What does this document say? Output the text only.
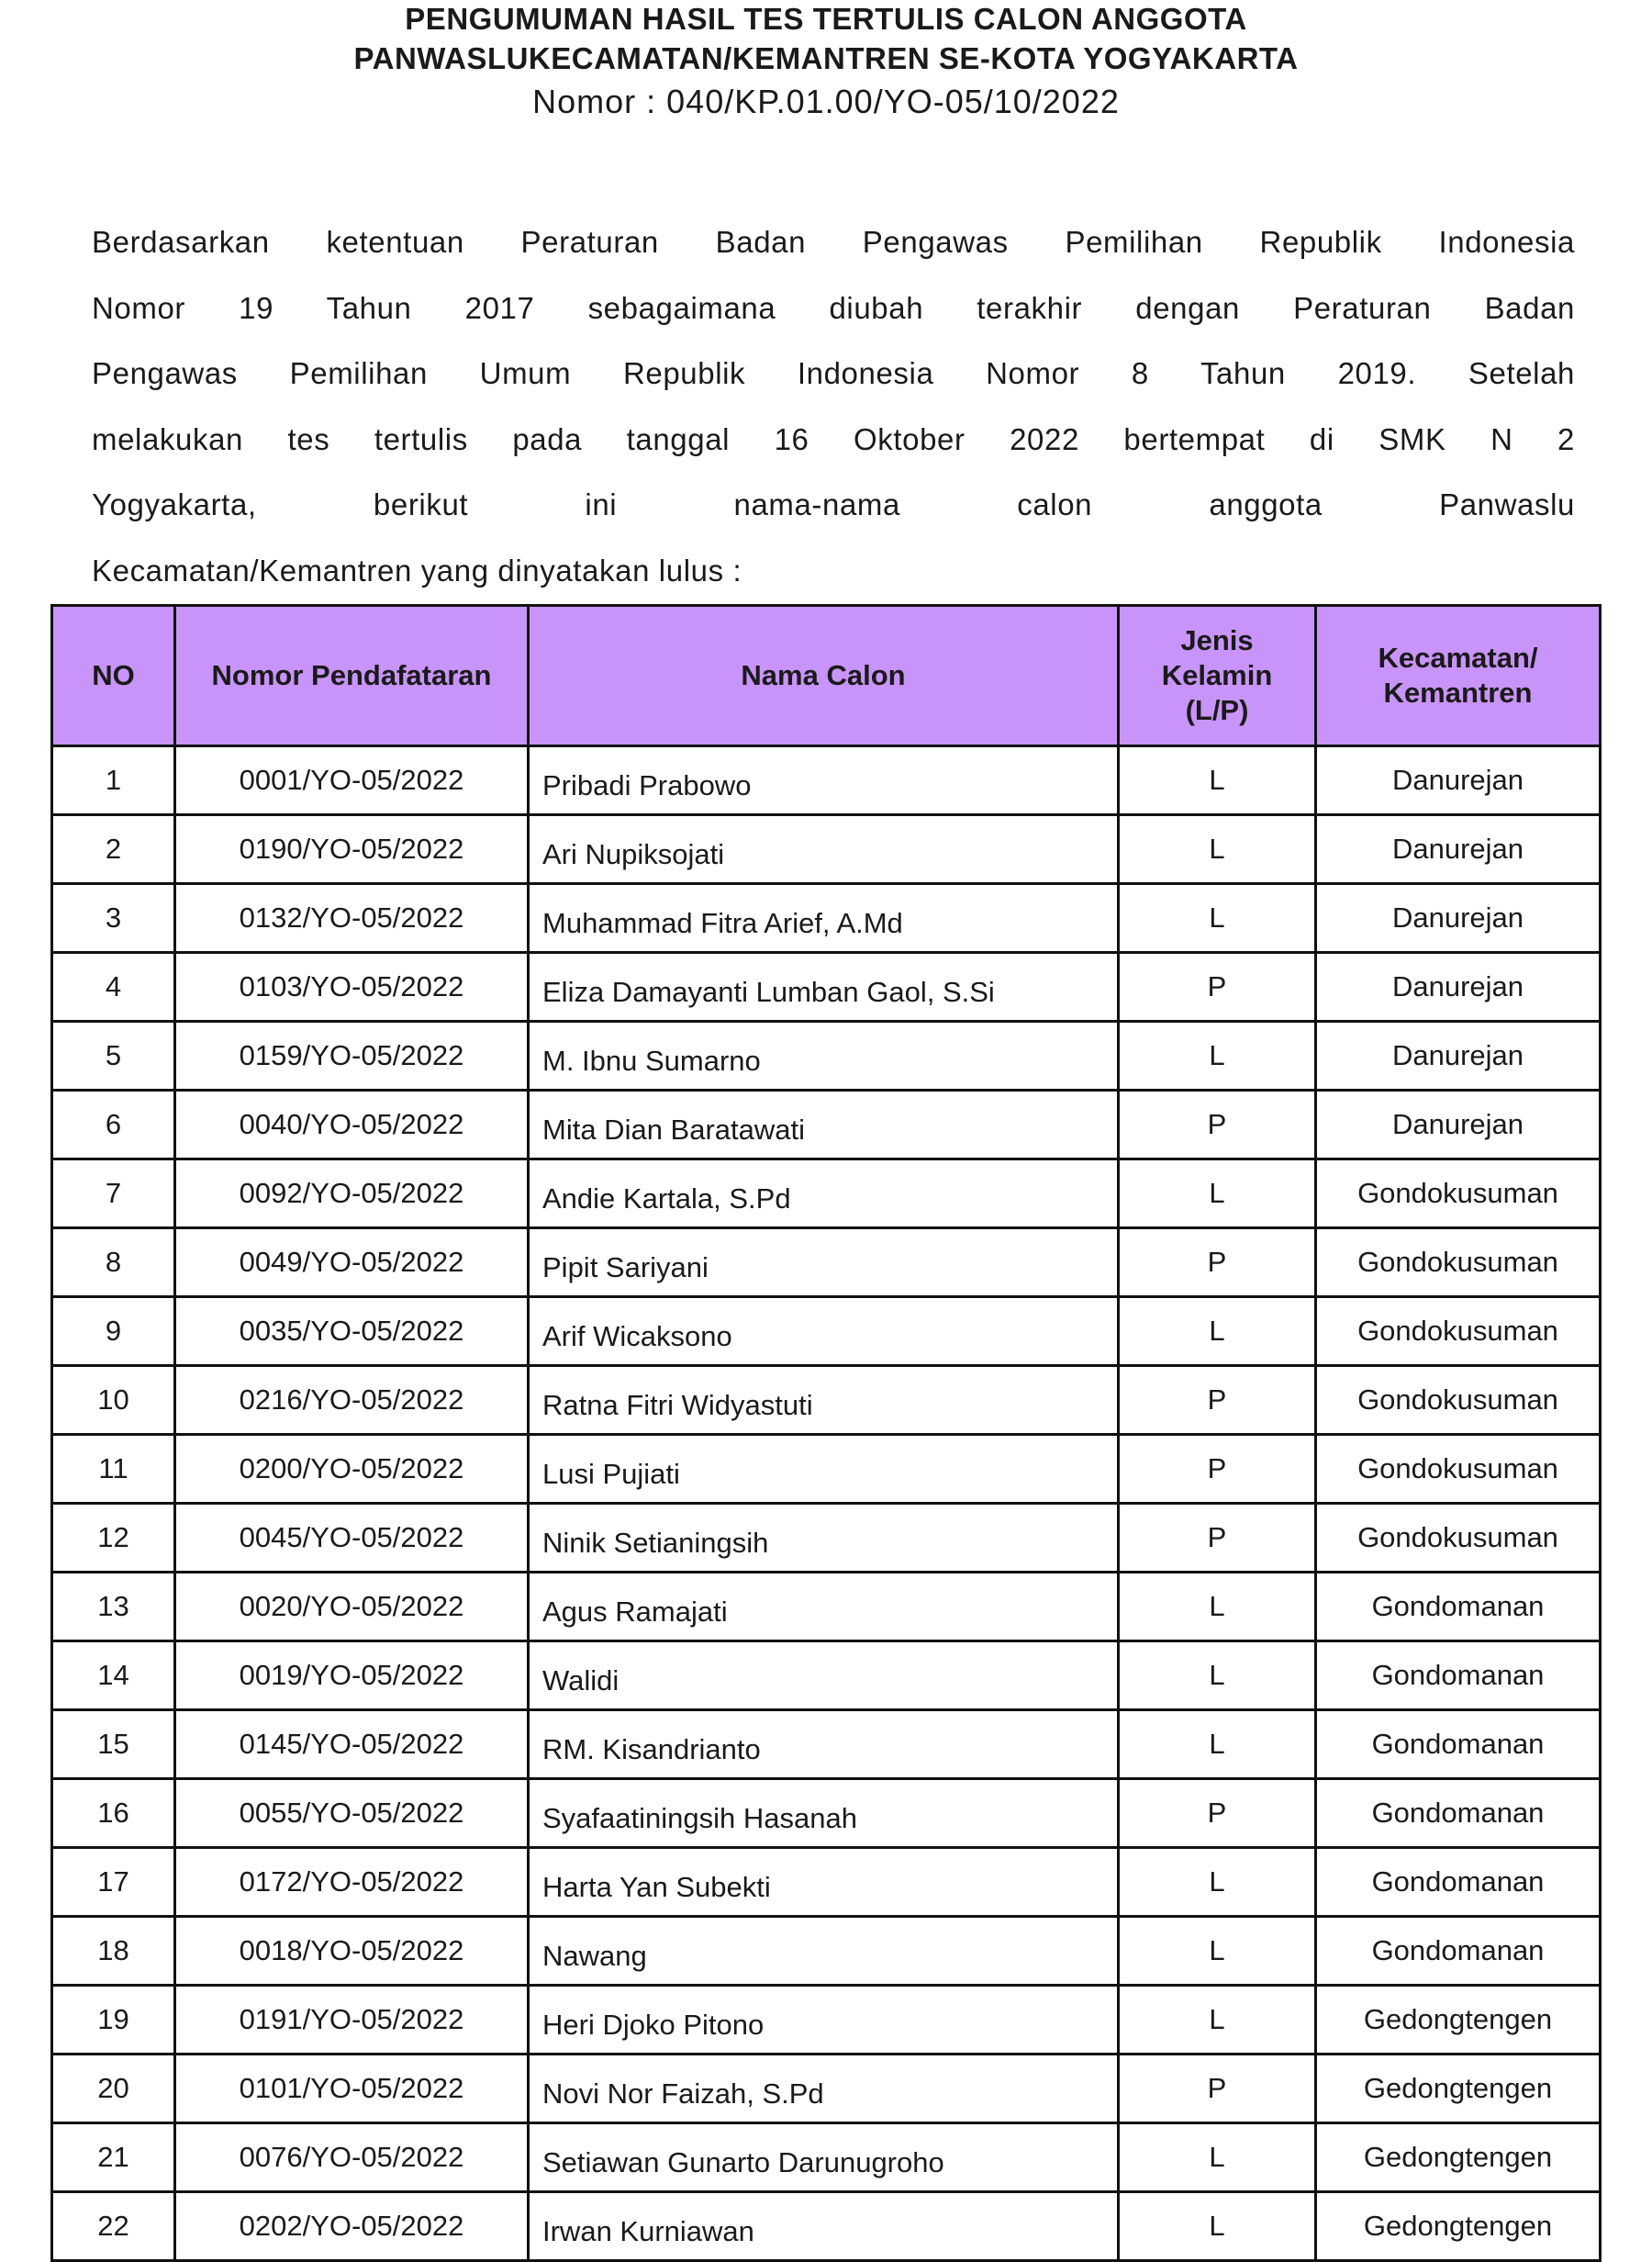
PENGUMUMAN HASIL TES TERTULIS CALON ANGGOTA
PANWASLUKECAMATAN/KEMANTREN SE-KOTA YOGYAKARTA
Nomor : 040/KP.01.00/YO-05/10/2022
Berdasarkan ketentuan Peraturan Badan Pengawas Pemilihan Republik Indonesia
Nomor 19 Tahun 2017 sebagaimana diubah terakhir dengan Peraturan Badan
Pengawas Pemilihan Umum Republik Indonesia Nomor 8 Tahun 2019. Setelah
melakukan tes tertulis pada tanggal 16 Oktober 2022 bertempat di SMK N 2
Yogyakarta, berikut ini nama-nama calon anggota Panwaslu
Kecamatan/Kemantren yang dinyatakan lulus :
NO	Nomor Pendafataran	Nama Calon	Jenis Kelamin (L/P)	Kecamatan/ Kemantren
1	0001/YO-05/2022	Pribadi Prabowo	L	Danurejan
2	0190/YO-05/2022	Ari Nupiksojati	L	Danurejan
3	0132/YO-05/2022	Muhammad Fitra Arief, A.Md	L	Danurejan
4	0103/YO-05/2022	Eliza Damayanti Lumban Gaol, S.Si	P	Danurejan
5	0159/YO-05/2022	M. Ibnu Sumarno	L	Danurejan
6	0040/YO-05/2022	Mita Dian Baratawati	P	Danurejan
7	0092/YO-05/2022	Andie Kartala, S.Pd	L	Gondokusuman
8	0049/YO-05/2022	Pipit Sariyani	P	Gondokusuman
9	0035/YO-05/2022	Arif Wicaksono	L	Gondokusuman
10	0216/YO-05/2022	Ratna Fitri Widyastuti	P	Gondokusuman
11	0200/YO-05/2022	Lusi Pujiati	P	Gondokusuman
12	0045/YO-05/2022	Ninik Setianingsih	P	Gondokusuman
13	0020/YO-05/2022	Agus Ramajati	L	Gondomanan
14	0019/YO-05/2022	Walidi	L	Gondomanan
15	0145/YO-05/2022	RM. Kisandrianto	L	Gondomanan
16	0055/YO-05/2022	Syafaatiningsih Hasanah	P	Gondomanan
17	0172/YO-05/2022	Harta Yan Subekti	L	Gondomanan
18	0018/YO-05/2022	Nawang	L	Gondomanan
19	0191/YO-05/2022	Heri Djoko Pitono	L	Gedongtengen
20	0101/YO-05/2022	Novi Nor Faizah, S.Pd	P	Gedongtengen
21	0076/YO-05/2022	Setiawan Gunarto Darunugroho	L	Gedongtengen
22	0202/YO-05/2022	Irwan Kurniawan	L	Gedongtengen
